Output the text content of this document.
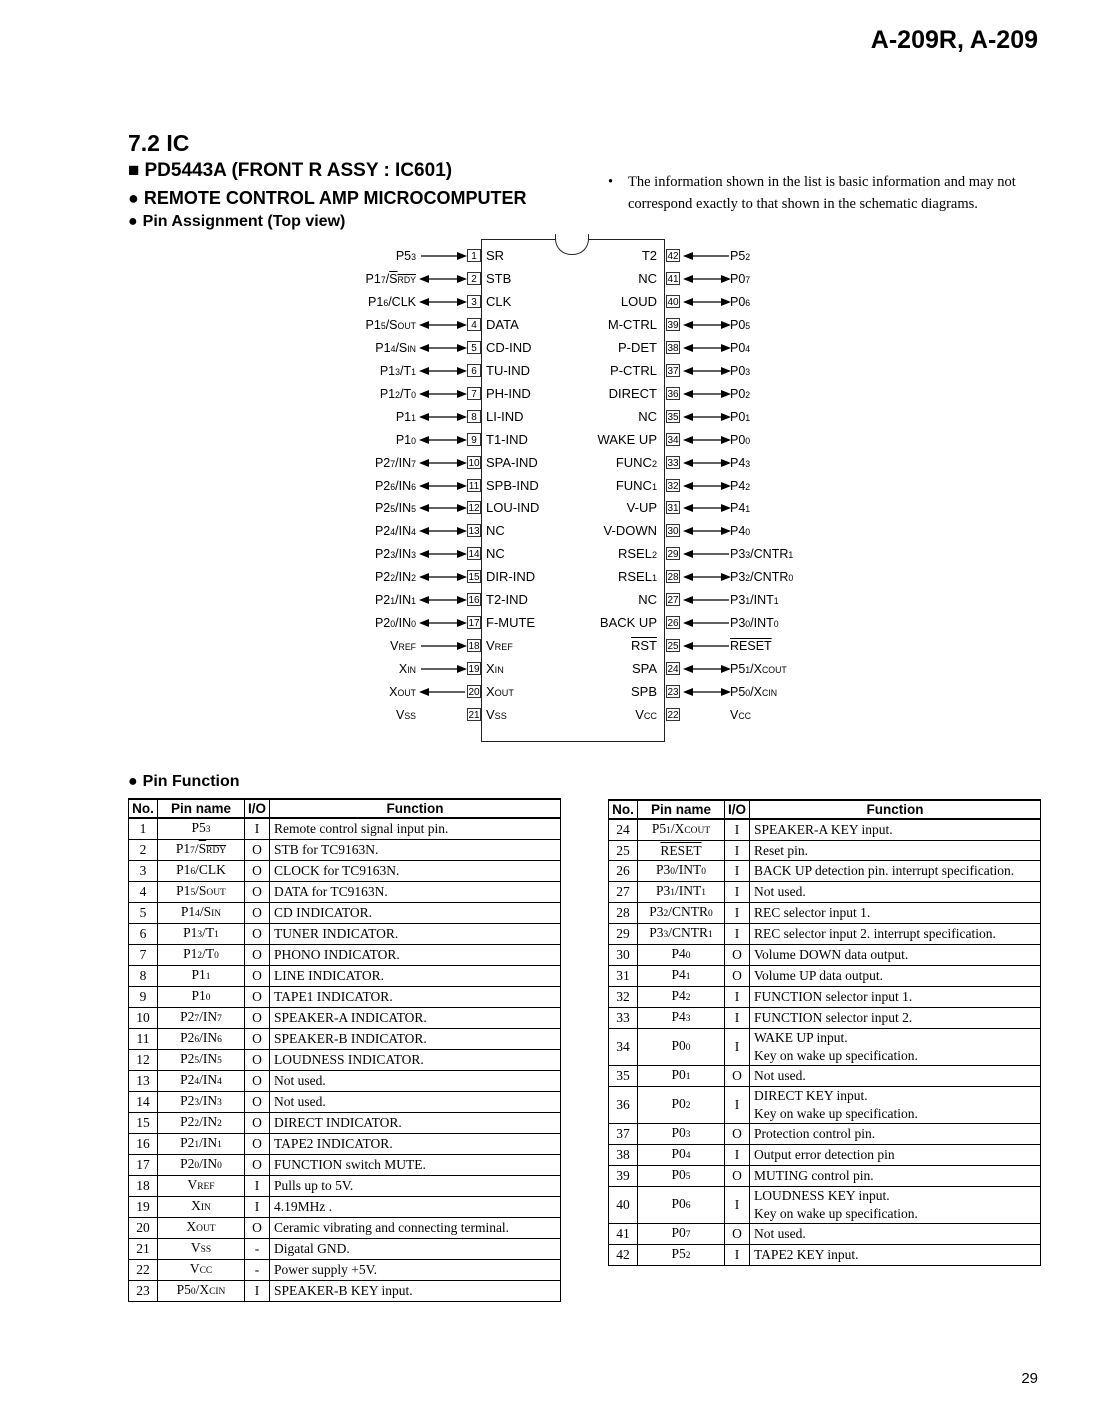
A-209R, A-209
7.2 IC
■ PD5443A (FRONT R ASSY : IC601)
● REMOTE CONTROL AMP MICROCOMPUTER
● Pin Assignment (Top view)
• The information shown in the list is basic information and may not correspond exactly to that shown in the schematic diagrams.
P53	1 SR
P17/SRDY	2 STB
P16/CLK	3 CLK
P15/SOUT	4 DATA
P14/SIN	5 CD-IND
P13/T1	6 TU-IND
P12/T0	7 PH-IND
P11	8 LI-IND
P10	9 T1-IND
P27/IN7	10 SPA-IND
P26/IN6	11 SPB-IND
P25/IN5	12 LOU-IND
P24/IN4	13 NC
P23/IN3	14 NC
P22/IN2	15 DIR-IND
P21/IN1	16 T2-IND
P20/IN0	17 F-MUTE
VREF	18 VREF
XIN	19 XIN
XOUT	20 XOUT
VSS	21 VSS
T2 42	P52
NC 41	P07
LOUD 40	P06
M-CTRL 39	P05
P-DET 38	P04
P-CTRL 37	P03
DIRECT 36	P02
NC 35	P01
WAKE UP 34	P00
FUNC2 33	P43
FUNC1 32	P42
V-UP 31	P41
V-DOWN 30	P40
RSEL2 29	P33/CNTR1
RSEL1 28	P32/CNTR0
NC 27	P31/INT1
BACK UP 26	P30/INT0
$\overline{RST}$ 25	RESET
SPA 24	P51/XCOUT
SPB 23	P50/XCIN
VCC 22	VCC
● Pin Function
No.	Pin name	I/O	Function
1	P53	I	Remote control signal input pin.
2	P17/SRDY	O	STB for TC9163N.
3	P16/CLK	O	CLOCK for TC9163N.
4	P15/SOUT	O	DATA for TC9163N.
5	P14/SIN	O	CD INDICATOR.
6	P13/T1	O	TUNER INDICATOR.
7	P12/T0	O	PHONO INDICATOR.
8	P11	O	LINE INDICATOR.
9	P10	O	TAPE1 INDICATOR.
10	P27/IN7	O	SPEAKER-A INDICATOR.
11	P26/IN6	O	SPEAKER-B INDICATOR.
12	P25/IN5	O	LOUDNESS INDICATOR.
13	P24/IN4	O	Not used.
14	P23/IN3	O	Not used.
15	P22/IN2	O	DIRECT INDICATOR.
16	P21/IN1	O	TAPE2 INDICATOR.
17	P20/IN0	O	FUNCTION switch MUTE.
18	VREF	I	Pulls up to 5V.
19	XIN	I	4.19MHz .
20	XOUT	O	Ceramic vibrating and connecting terminal.
21	VSS	-	Digatal GND.
22	VCC	-	Power supply +5V.
23	P50/XCIN	I	SPEAKER-B KEY input.
No.	Pin name	I/O	Function
24	P51/XCOUT	I	SPEAKER-A KEY input.
25	RESET	I	Reset pin.
26	P30/INT0	I	BACK UP detection pin. interrupt specification.
27	P31/INT1	I	Not used.
28	P32/CNTR0	I	REC selector input 1.
29	P33/CNTR1	I	REC selector input 2. interrupt specification.
30	P40	O	Volume DOWN data output.
31	P41	O	Volume UP data output.
32	P42	I	FUNCTION selector input 1.
33	P43	I	FUNCTION selector input 2.
34	P00	I	WAKE UP input.
Key on wake up specification.
35	P01	O	Not used.
36	P02	I	DIRECT KEY input.
Key on wake up specification.
37	P03	O	Protection control pin.
38	P04	I	Output error detection pin
39	P05	O	MUTING control pin.
40	P06	I	LOUDNESS KEY input.
Key on wake up specification.
41	P07	O	Not used.
42	P52	I	TAPE2 KEY input.
29
